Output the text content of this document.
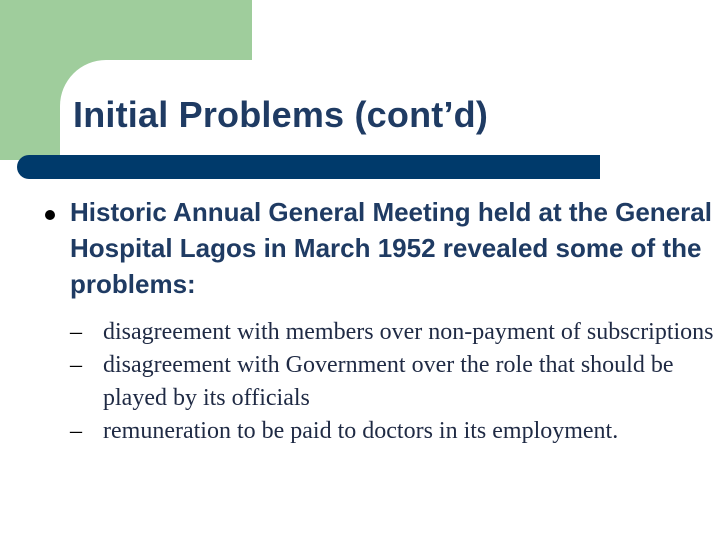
Initial Problems (cont’d)

Historic Annual General Meeting held at the General Hospital Lagos in March 1952 revealed some of the problems:

– disagreement with members over non-payment of subscriptions
– disagreement with Government over the role that should be played by its officials
– remuneration to be paid to doctors in its employment.
